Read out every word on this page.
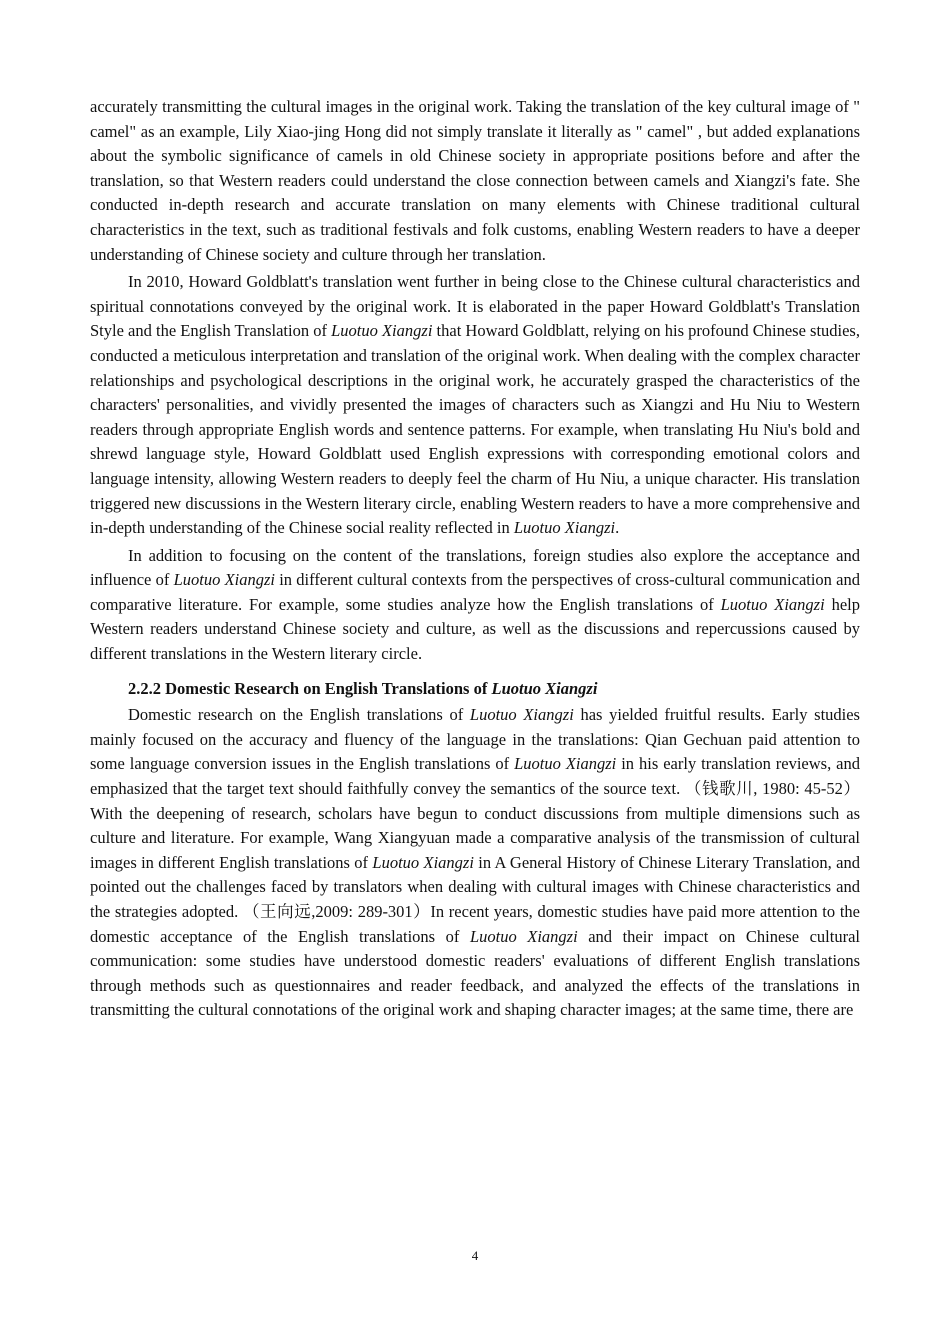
accurately transmitting the cultural images in the original work. Taking the translation of the key cultural image of " camel" as an example, Lily Xiao-jing Hong did not simply translate it literally as " camel" , but added explanations about the symbolic significance of camels in old Chinese society in appropriate positions before and after the translation, so that Western readers could understand the close connection between camels and Xiangzi's fate. She conducted in-depth research and accurate translation on many elements with Chinese traditional cultural characteristics in the text, such as traditional festivals and folk customs, enabling Western readers to have a deeper understanding of Chinese society and culture through her translation.

In 2010, Howard Goldblatt's translation went further in being close to the Chinese cultural characteristics and spiritual connotations conveyed by the original work. It is elaborated in the paper Howard Goldblatt's Translation Style and the English Translation of Luotuo Xiangzi that Howard Goldblatt, relying on his profound Chinese studies, conducted a meticulous interpretation and translation of the original work. When dealing with the complex character relationships and psychological descriptions in the original work, he accurately grasped the characteristics of the characters' personalities, and vividly presented the images of characters such as Xiangzi and Hu Niu to Western readers through appropriate English words and sentence patterns. For example, when translating Hu Niu's bold and shrewd language style, Howard Goldblatt used English expressions with corresponding emotional colors and language intensity, allowing Western readers to deeply feel the charm of Hu Niu, a unique character. His translation triggered new discussions in the Western literary circle, enabling Western readers to have a more comprehensive and in-depth understanding of the Chinese social reality reflected in Luotuo Xiangzi.

In addition to focusing on the content of the translations, foreign studies also explore the acceptance and influence of Luotuo Xiangzi in different cultural contexts from the perspectives of cross-cultural communication and comparative literature. For example, some studies analyze how the English translations of Luotuo Xiangzi help Western readers understand Chinese society and culture, as well as the discussions and repercussions caused by different translations in the Western literary circle.

2.2.2 Domestic Research on English Translations of Luotuo Xiangzi

Domestic research on the English translations of Luotuo Xiangzi has yielded fruitful results. Early studies mainly focused on the accuracy and fluency of the language in the translations: Qian Gechuan paid attention to some language conversion issues in the English translations of Luotuo Xiangzi in his early translation reviews, and emphasized that the target text should faithfully convey the semantics of the source text. （钱歌川, 1980: 45-52）With the deepening of research, scholars have begun to conduct discussions from multiple dimensions such as culture and literature. For example, Wang Xiangyuan made a comparative analysis of the transmission of cultural images in different English translations of Luotuo Xiangzi in A General History of Chinese Literary Translation, and pointed out the challenges faced by translators when dealing with cultural images with Chinese characteristics and the strategies adopted. （王向远,2009: 289-301）In recent years, domestic studies have paid more attention to the domestic acceptance of the English translations of Luotuo Xiangzi and their impact on Chinese cultural communication: some studies have understood domestic readers' evaluations of different English translations through methods such as questionnaires and reader feedback, and analyzed the effects of the translations in transmitting the cultural connotations of the original work and shaping character images; at the same time, there are

4
